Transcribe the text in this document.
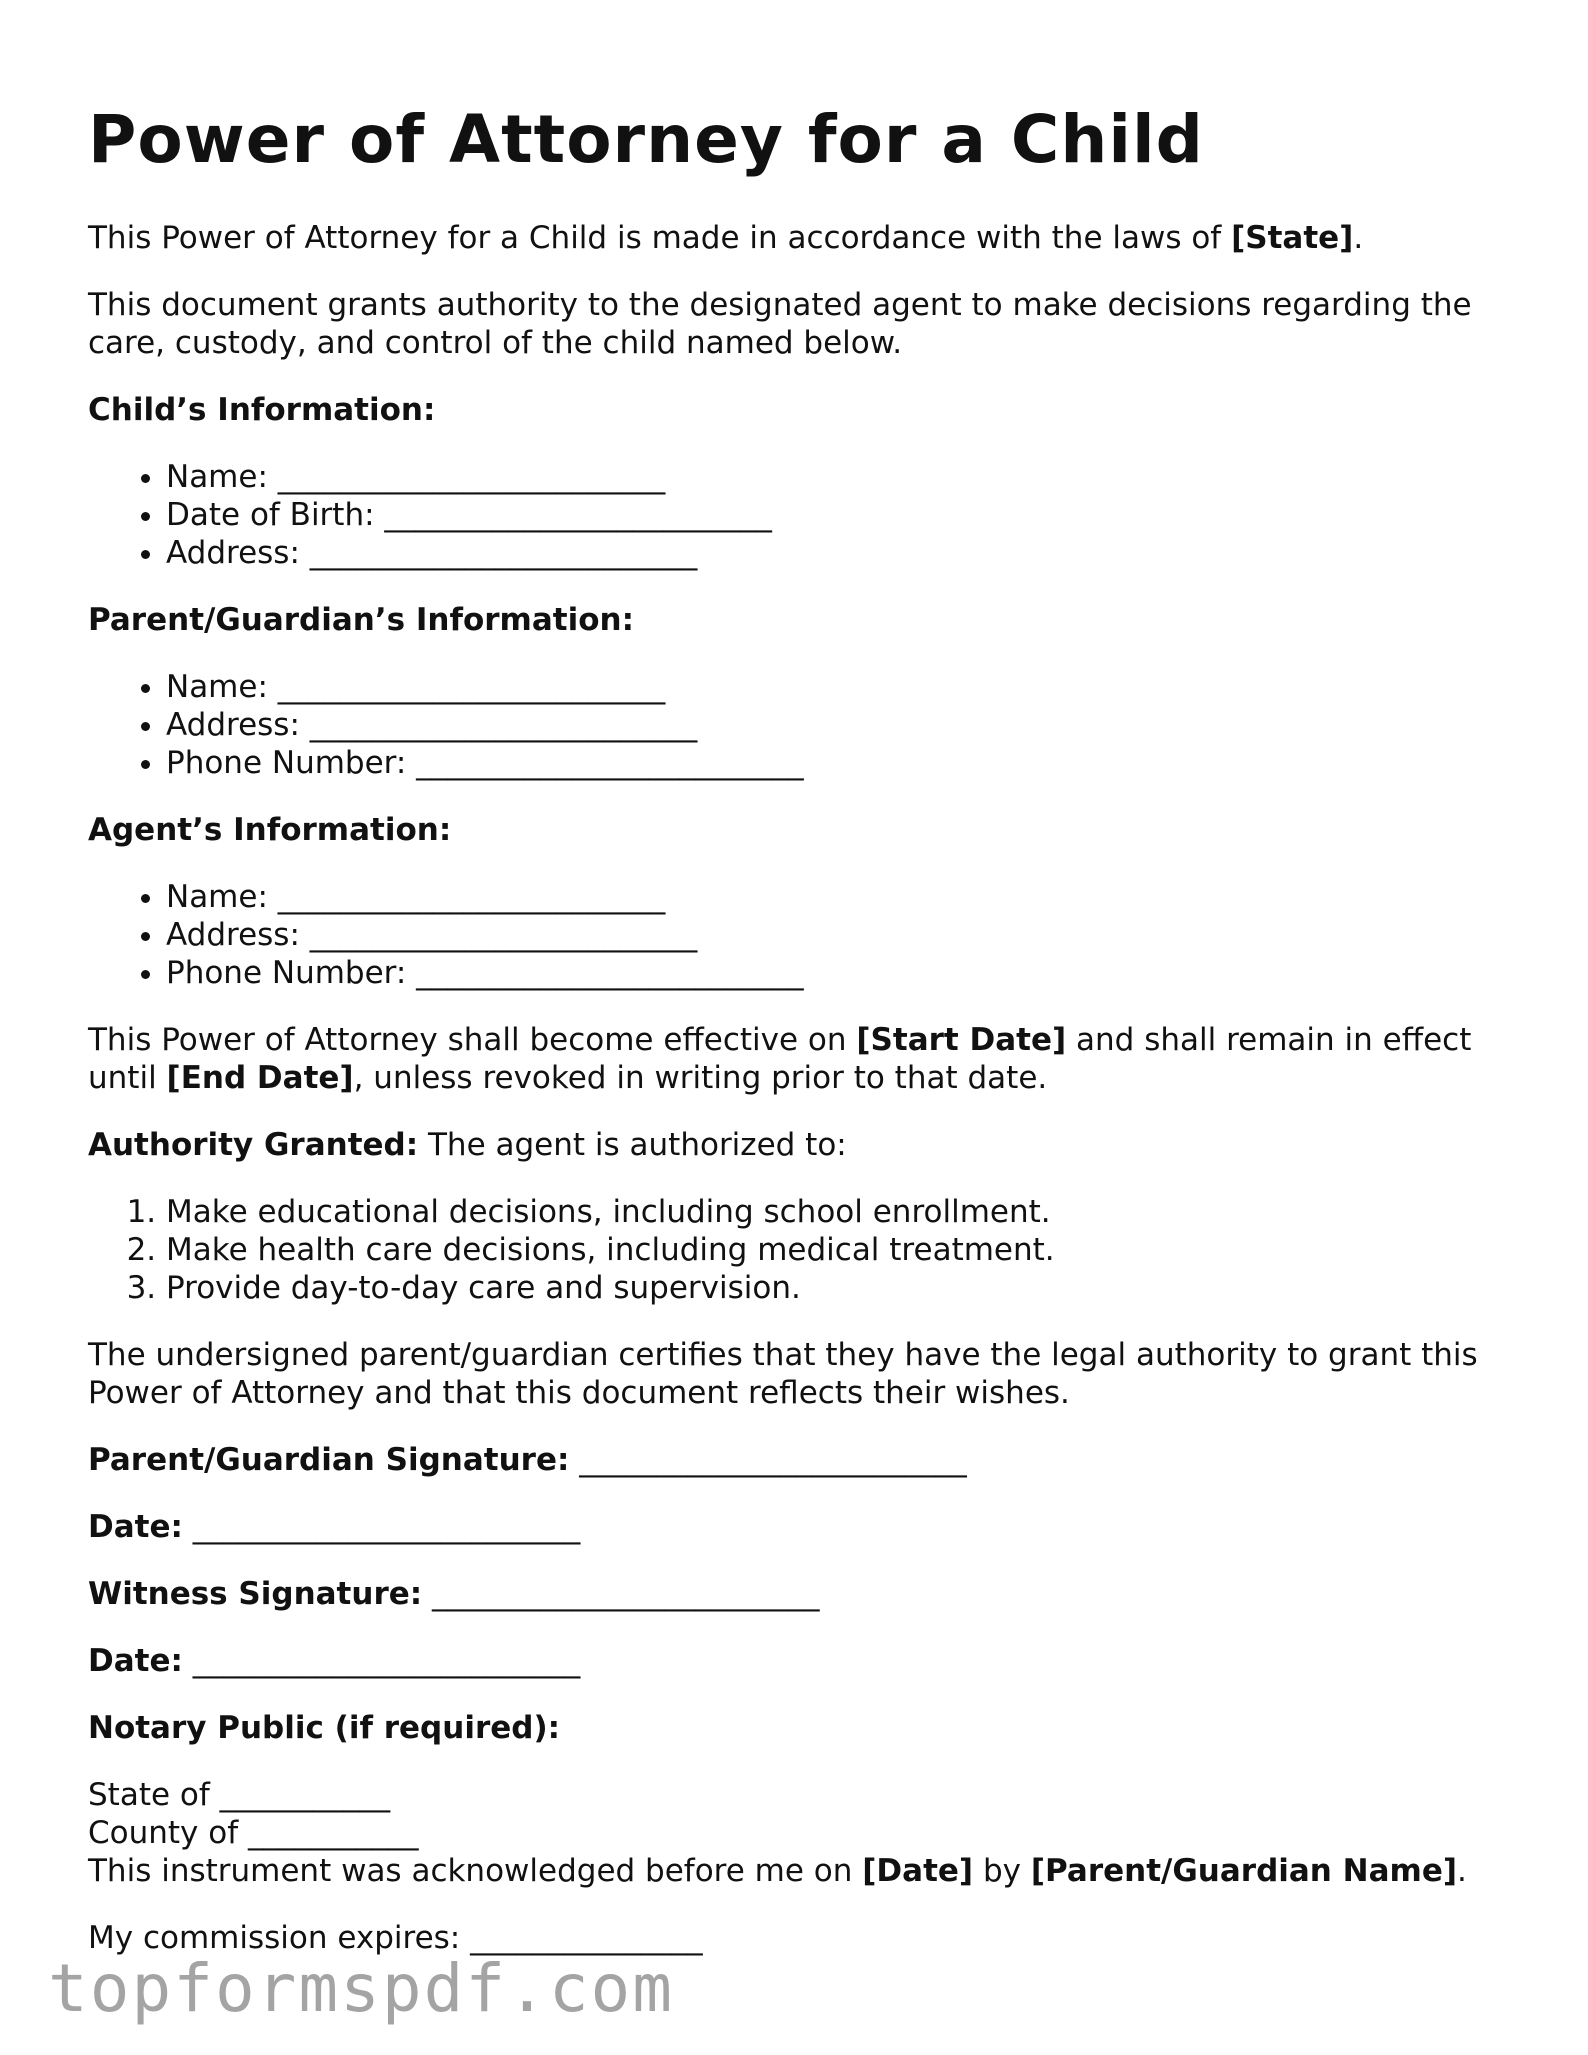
Power of Attorney for a Child

This Power of Attorney for a Child is made in accordance with the laws of [State].

This document grants authority to the designated agent to make decisions regarding the care, custody, and control of the child named below.

Child’s Information:

• Name: _________________________
• Date of Birth: _________________________
• Address: _________________________

Parent/Guardian’s Information:

• Name: _________________________
• Address: _________________________
• Phone Number: _________________________

Agent’s Information:

• Name: _________________________
• Address: _________________________
• Phone Number: _________________________

This Power of Attorney shall become effective on [Start Date] and shall remain in effect until [End Date], unless revoked in writing prior to that date.

Authority Granted: The agent is authorized to:

1. Make educational decisions, including school enrollment.
2. Make health care decisions, including medical treatment.
3. Provide day-to-day care and supervision.

The undersigned parent/guardian certifies that they have the legal authority to grant this Power of Attorney and that this document reflects their wishes.

Parent/Guardian Signature: _________________________

Date: _________________________

Witness Signature: _________________________

Date: _________________________

Notary Public (if required):

State of ___________

County of ___________

This instrument was acknowledged before me on [Date] by [Parent/Guardian Name].

My commission expires: _______________

topformspdf.com
